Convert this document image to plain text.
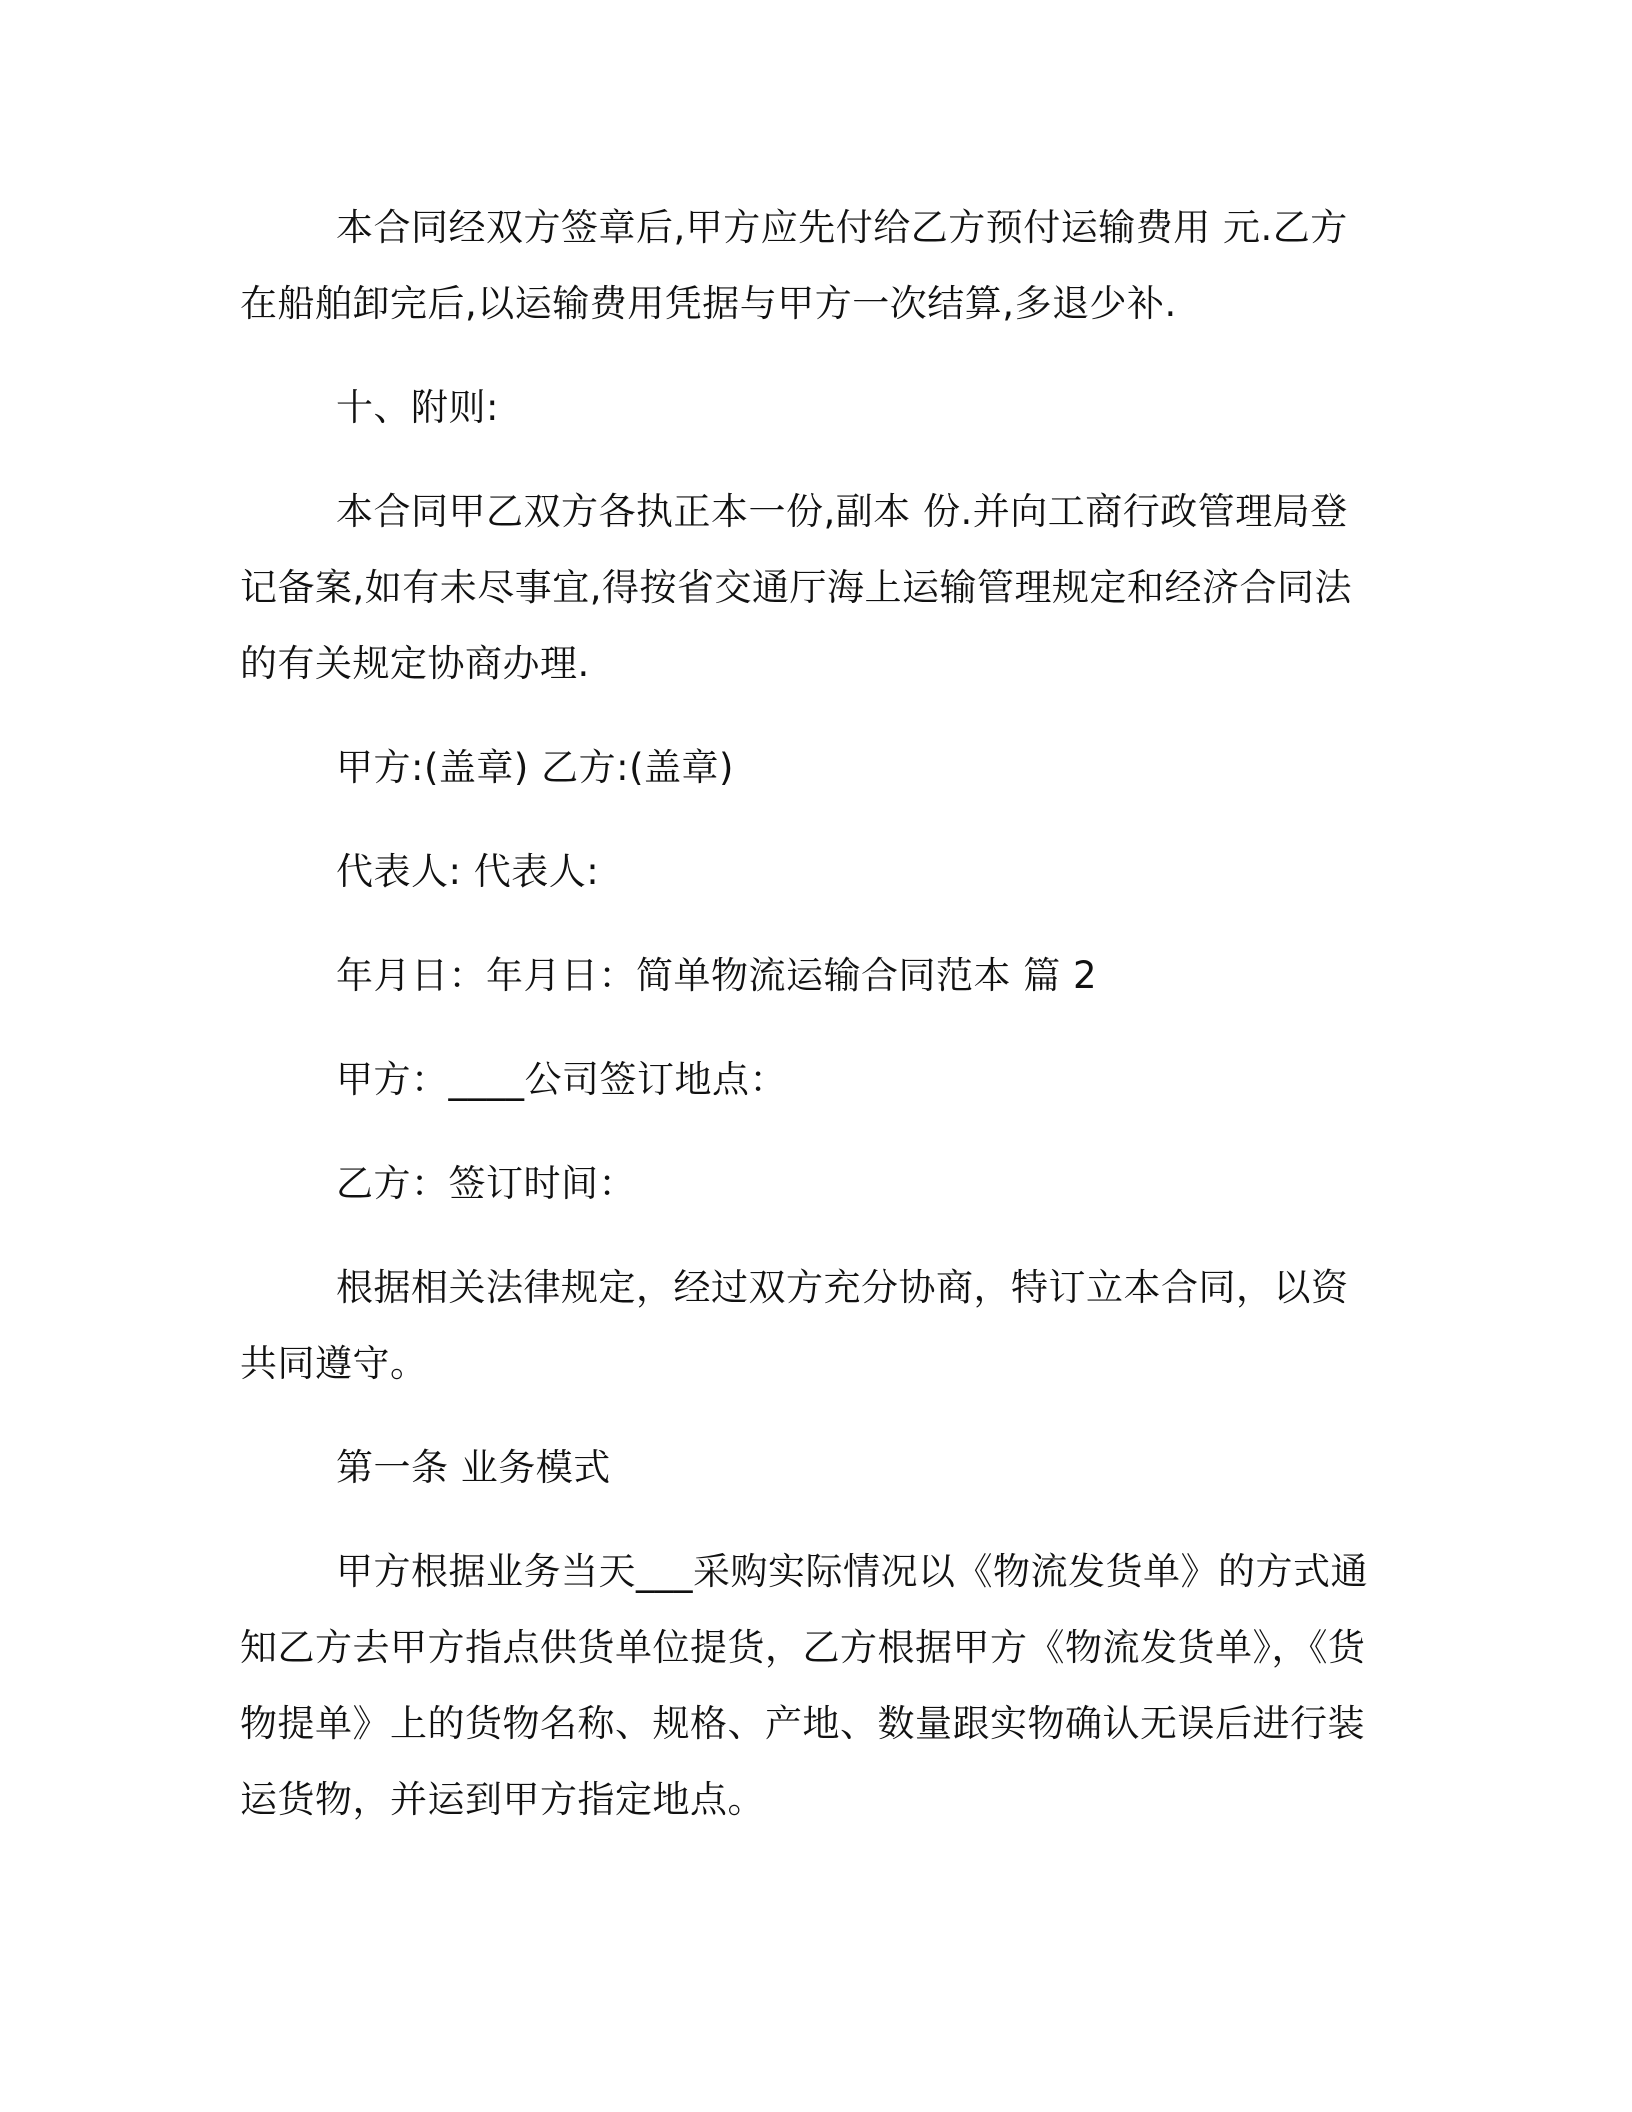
本合同经双方签章后,甲方应先付给乙方预付运输费用 元.乙方在船舶卸完后,以运输费用凭据与甲方一次结算,多退少补.

十、附则:

本合同甲乙双方各执正本一份,副本 份.并向工商行政管理局登记备案,如有未尽事宜,得按省交通厅海上运输管理规定和经济合同法的有关规定协商办理.

甲方:(盖章) 乙方:(盖章)

代表人: 代表人:

年月日：年月日：简单物流运输合同范本 篇 2

甲方：____公司签订地点：

乙方：签订时间：

根据相关法律规定，经过双方充分协商，特订立本合同，以资共同遵守。

第一条 业务模式

甲方根据业务当天___采购实际情况以《物流发货单》的方式通知乙方去甲方指点供货单位提货，乙方根据甲方《物流发货单》，《货物提单》上的货物名称、规格、产地、数量跟实物确认无误后进行装运货物，并运到甲方指定地点。
